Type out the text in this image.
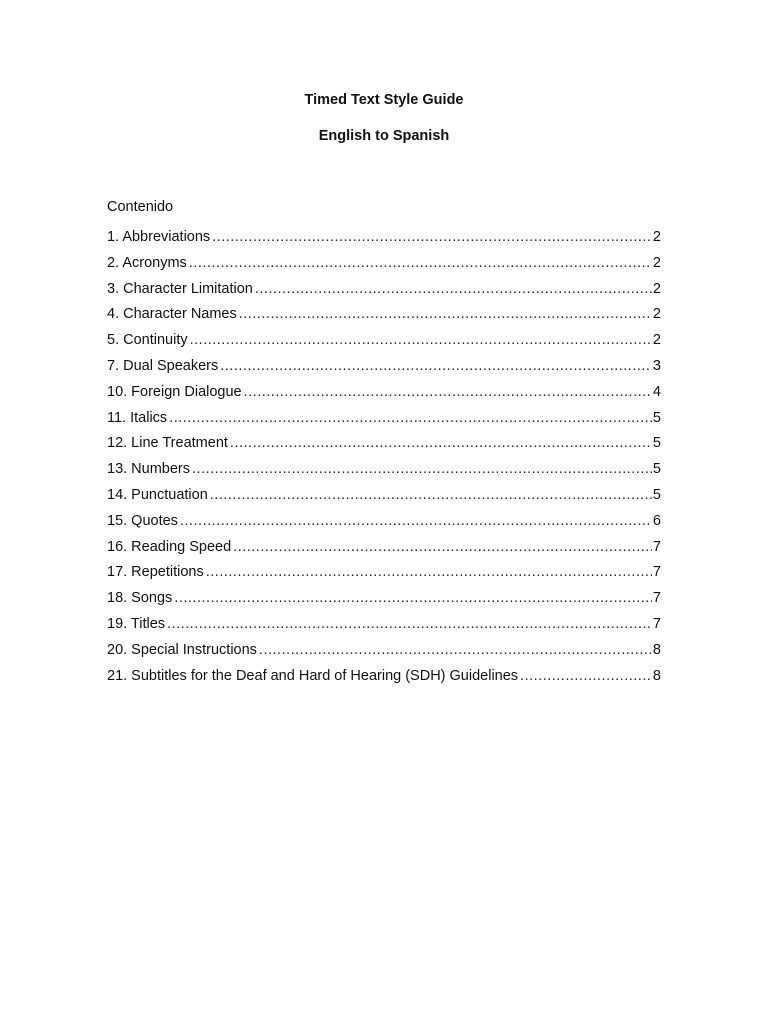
Timed Text Style Guide
English to Spanish

Contenido

1. Abbreviations .....	2
2. Acronyms .....	2
3. Character Limitation .....	2
4. Character Names .....	2
5. Continuity .....	2
7. Dual Speakers .....	3
10. Foreign Dialogue .....	4
11. Italics .....	5
12. Line Treatment .....	5
13. Numbers .....	5
14. Punctuation .....	5
15. Quotes .....	6
16. Reading Speed .....	7
17. Repetitions .....	7
18. Songs .....	7
19. Titles .....	7
20. Special Instructions .....	8
21. Subtitles for the Deaf and Hard of Hearing (SDH) Guidelines .....	8
